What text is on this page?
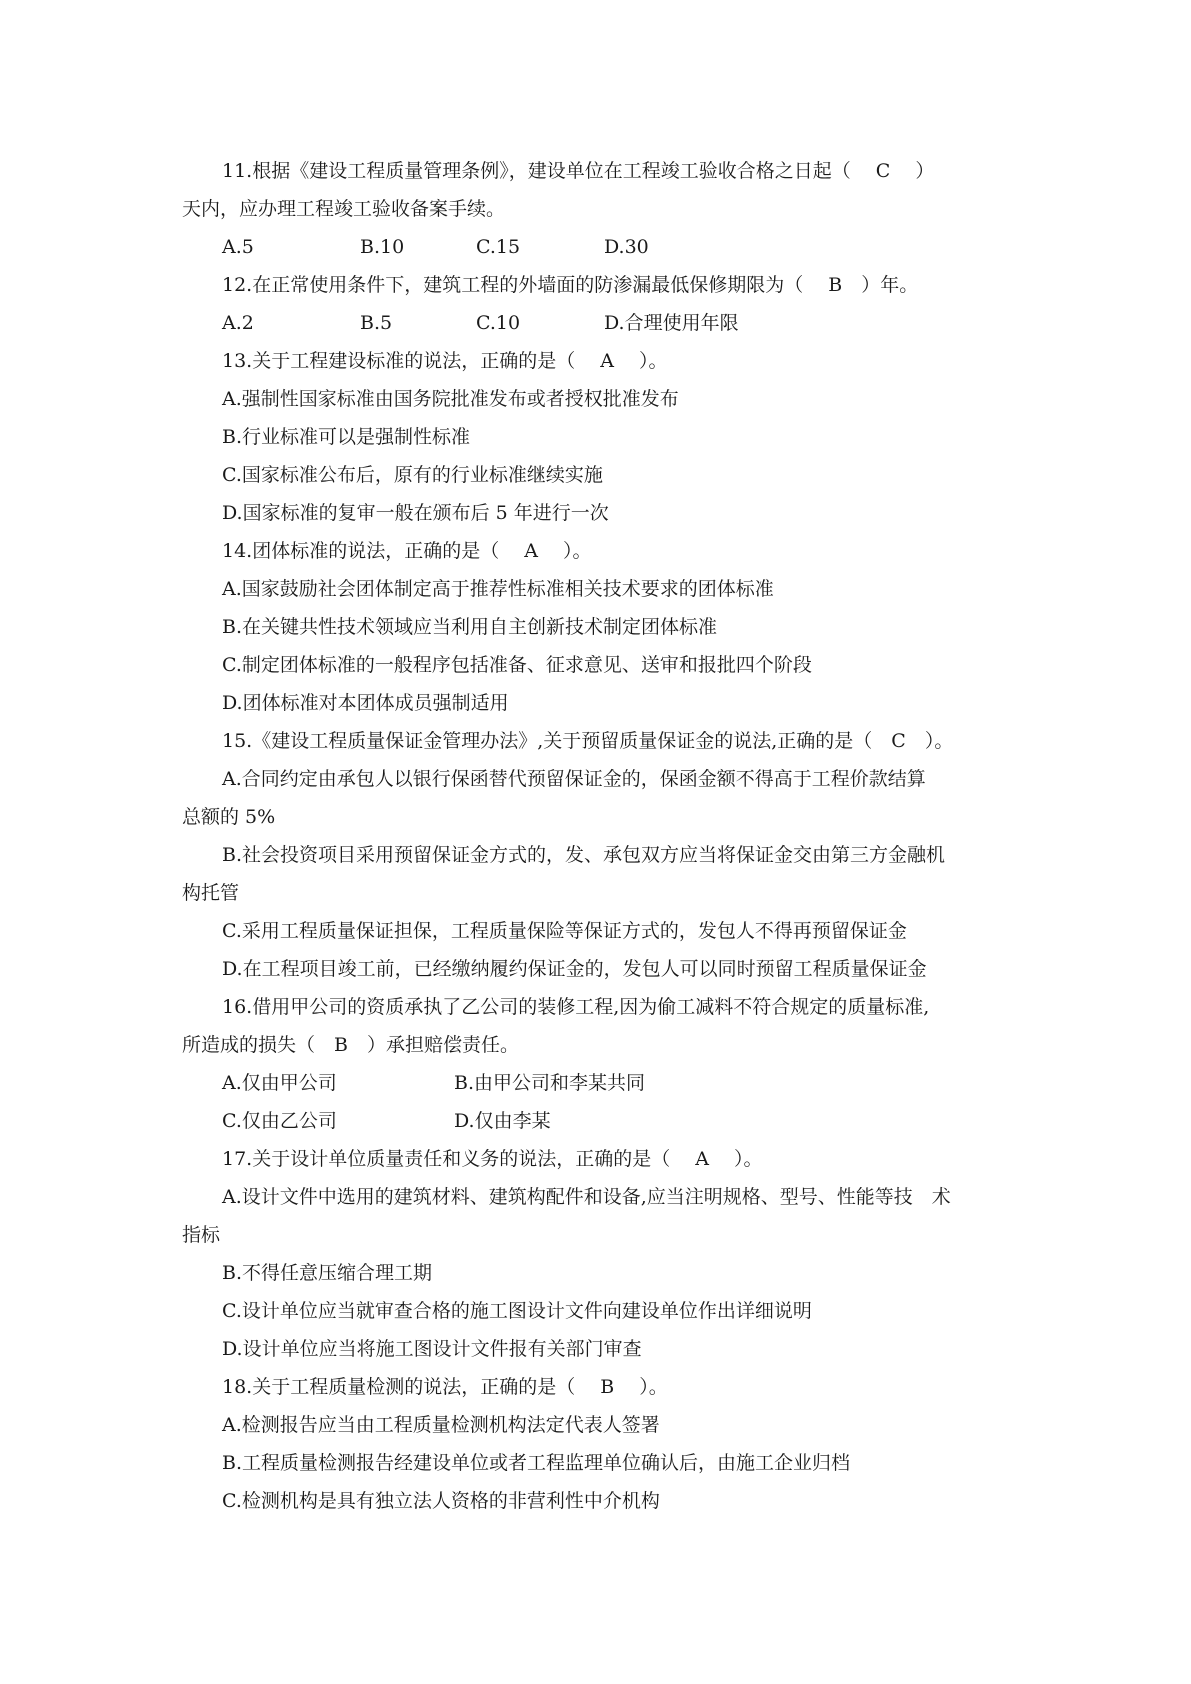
11.根据《建设工程质量管理条例》，建设单位在工程竣工验收合格之日起（　 C　 ）
天内，应办理工程竣工验收备案手续。
A.5	B.10	C.15	D.30
12.在正常使用条件下，建筑工程的外墙面的防渗漏最低保修期限为（　 B　）年。
A.2	B.5	C.10	D.合理使用年限
13.关于工程建设标准的说法，正确的是（　 A　 ）。
A.强制性国家标准由国务院批准发布或者授权批准发布
B.行业标准可以是强制性标准
C.国家标准公布后，原有的行业标准继续实施
D.国家标准的复审一般在颁布后 5 年进行一次
14.团体标准的说法，正确的是（　 A　 ）。
A.国家鼓励社会团体制定高于推荐性标准相关技术要求的团体标准
B.在关键共性技术领域应当利用自主创新技术制定团体标准
C.制定团体标准的一般程序包括准备、征求意见、送审和报批四个阶段
D.团体标准对本团体成员强制适用
15.《建设工程质量保证金管理办法》,关于预留质量保证金的说法,正确的是（　C　）。
A.合同约定由承包人以银行保函替代预留保证金的，保函金额不得高于工程价款结算
总额的 5%
B.社会投资项目采用预留保证金方式的，发、承包双方应当将保证金交由第三方金融机
构托管
C.采用工程质量保证担保，工程质量保险等保证方式的，发包人不得再预留保证金
D.在工程项目竣工前，已经缴纳履约保证金的，发包人可以同时预留工程质量保证金
16.借用甲公司的资质承执了乙公司的装修工程,因为偷工减料不符合规定的质量标准,
所造成的损失（　B　）承担赔偿责任。
A.仅由甲公司	B.由甲公司和李某共同
C.仅由乙公司	D.仅由李某
17.关于设计单位质量责任和义务的说法，正确的是（　 A　 ）。
A.设计文件中选用的建筑材料、建筑构配件和设备,应当注明规格、型号、性能等技　术
指标
B.不得任意压缩合理工期
C.设计单位应当就审查合格的施工图设计文件向建设单位作出详细说明
D.设计单位应当将施工图设计文件报有关部门审查
18.关于工程质量检测的说法，正确的是（　 B　 ）。
A.检测报告应当由工程质量检测机构法定代表人签署
B.工程质量检测报告经建设单位或者工程监理单位确认后，由施工企业归档
C.检测机构是具有独立法人资格的非营利性中介机构
